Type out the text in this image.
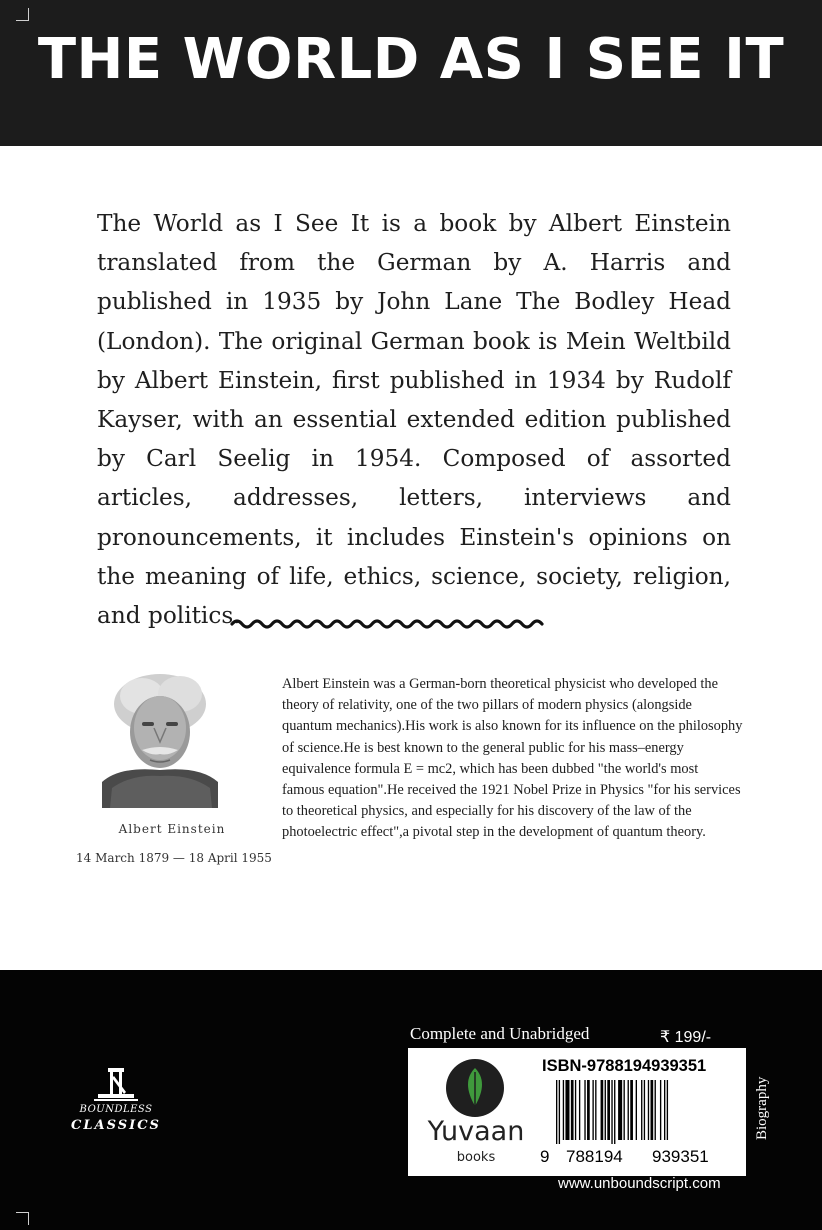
THE WORLD AS I SEE IT

The World as I See It is a book by Albert Einstein translated from the German by A. Harris and published in 1935 by John Lane The Bodley Head (London). The original German book is Mein Weltbild by Albert Einstein, first published in 1934 by Rudolf Kayser, with an essential extended edition published by Carl Seelig in 1954. Composed of assorted articles, addresses, letters, interviews and pronouncements, it includes Einstein's opinions on the meaning of life, ethics, science, society, religion, and politics.

Albert Einstein
14 March 1879 — 18 April 1955

Albert Einstein was a German-born theoretical physicist who developed the theory of relativity, one of the two pillars of modern physics (alongside quantum mechanics).His work is also known for its influence on the philosophy of science.He is best known to the general public for his mass–energy equivalence formula E = mc2, which has been dubbed "the world's most famous equation".He received the 1921 Nobel Prize in Physics "for his services to theoretical physics, and especially for his discovery of the law of the photoelectric effect",a pivotal step in the development of quantum theory.

BOUNDLESS
CLASSICS
Complete and Unabridged	₹ 199/-
Yuvaan
books
ISBN-9788194939351
9 788194 939351
Biography
www.unboundscript.com
